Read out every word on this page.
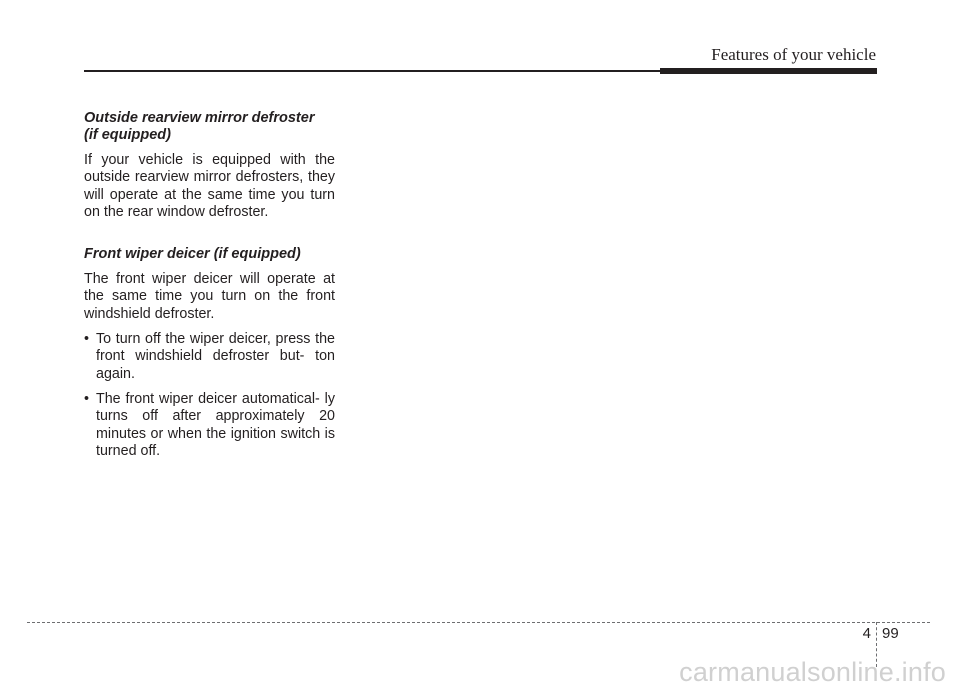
Features of your vehicle
Outside rearview mirror defroster
(if equipped)

If your vehicle is equipped with the outside rearview mirror defrosters, they will operate at the same time you turn on the rear window defroster.

Front wiper deicer (if equipped)

The front wiper deicer will operate at the same time you turn on the front windshield defroster.

• To turn off the wiper deicer, press the front windshield defroster but- ton again.
• The front wiper deicer automatical- ly turns off after approximately 20 minutes or when the ignition switch is turned off.
4 99
carmanualsonline.info
